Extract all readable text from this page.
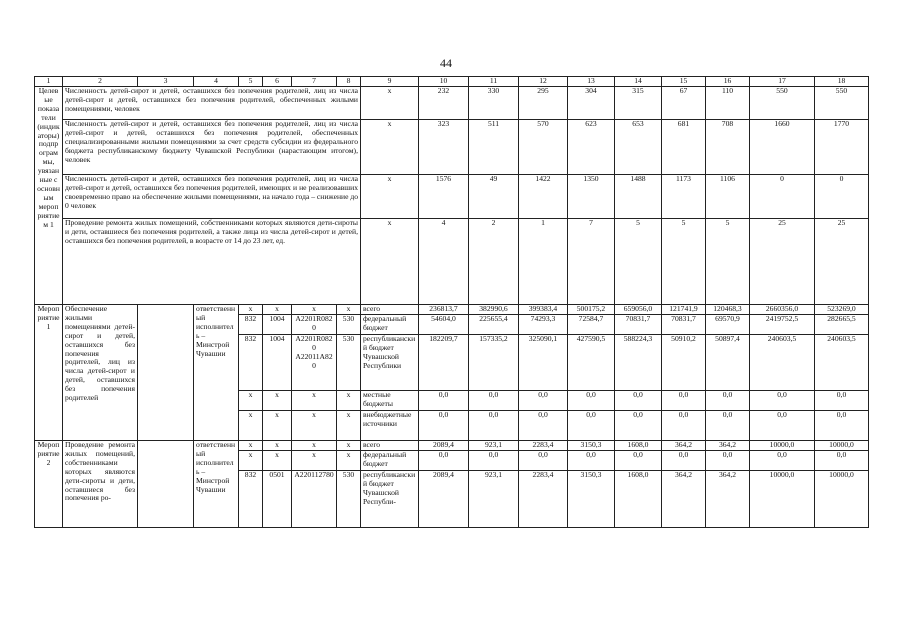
44
1	2	3	4	5	6	7	8	9	10	11	12	13	14	15	16	17	18
Целевые показатели (индикаторы) подпрограммы, увязанные с основным мероприятием 1	Численность детей-сирот и детей, оставшихся без попечения родителей, лиц из числа детей-сирот и детей, оставшихся без попечения родителей, обеспеченных жилыми помещениями, человек							x	232	330	295	304	315	67	110	550	550
	Численность детей-сирот и детей, оставшихся без попечения родителей, лиц из числа детей-сирот и детей, оставшихся без попечения родителей, обеспеченных специализированными жилыми помещениями за счет средств субсидии из федерального бюджета республиканскому бюджету Чувашской Республики (нарастающим итогом), человек							x	323	511	570	623	653	681	708	1660	1770
	Численность детей-сирот и детей, оставшихся без попечения родителей, лиц из числа детей-сирот и детей, оставшихся без попечения родителей, имеющих и не реализовавших своевременно право на обеспечение жилыми помещениями, на начало года – снижение до 0 человек							x	1576	49	1422	1350	1488	1173	1106	0	0
	Проведение ремонта жилых помещений, собственниками которых являются дети-сироты и дети, оставшиеся без попечения родителей, а также лица из числа детей-сирот и детей, оставшихся без попечения родителей, в возрасте от 14 до 23 лет, ед.							x	4	2	1	7	5	5	5	25	25
Мероприятие 1	Обеспечение жилыми помещениями детей-сирот и детей, оставшихся без попечения родителей, лиц из числа детей-сирот и детей, оставшихся без попечения родителей		ответственный исполнитель – Минстрой Чувашии	x	x	x	x	всего	236813,7	382990,6	399383,4	500175,2	659056,0	121741,9	120468,3	2660356,0	523269,0
				832	1004	А2201R0820	530	федеральный бюджет	54604,0	225655,4	74293,3	72584,7	70831,7	70831,7	69570,9	2419752,5	282665,5
				832	1004	А2201R0820 А22011А820	530	республиканский бюджет Чувашской Республики	182209,7	157335,2	325090,1	427590,5	588224,3	50910,2	50897,4	240603,5	240603,5
				x	x	x	x	местные бюджеты	0,0	0,0	0,0	0,0	0,0	0,0	0,0	0,0	0,0
				x	x	x	x	внебюджетные источники	0,0	0,0	0,0	0,0	0,0	0,0	0,0	0,0	0,0
Мероприятие 2	Проведение ремонта жилых помещений, собственниками которых являются дети-сироты и дети, оставшиеся без попечения ро-		ответственный исполнитель – Минстрой Чувашии	x	x	x	x	всего	2089,4	923,1	2283,4	3150,3	1608,0	364,2	364,2	10000,0	10000,0
				x	x	x	x	федеральный бюджет	0,0	0,0	0,0	0,0	0,0	0,0	0,0	0,0	0,0
				832	0501	А220112780	530	республиканский бюджет Чувашской Республи-	2089,4	923,1	2283,4	3150,3	1608,0	364,2	364,2	10000,0	10000,0
